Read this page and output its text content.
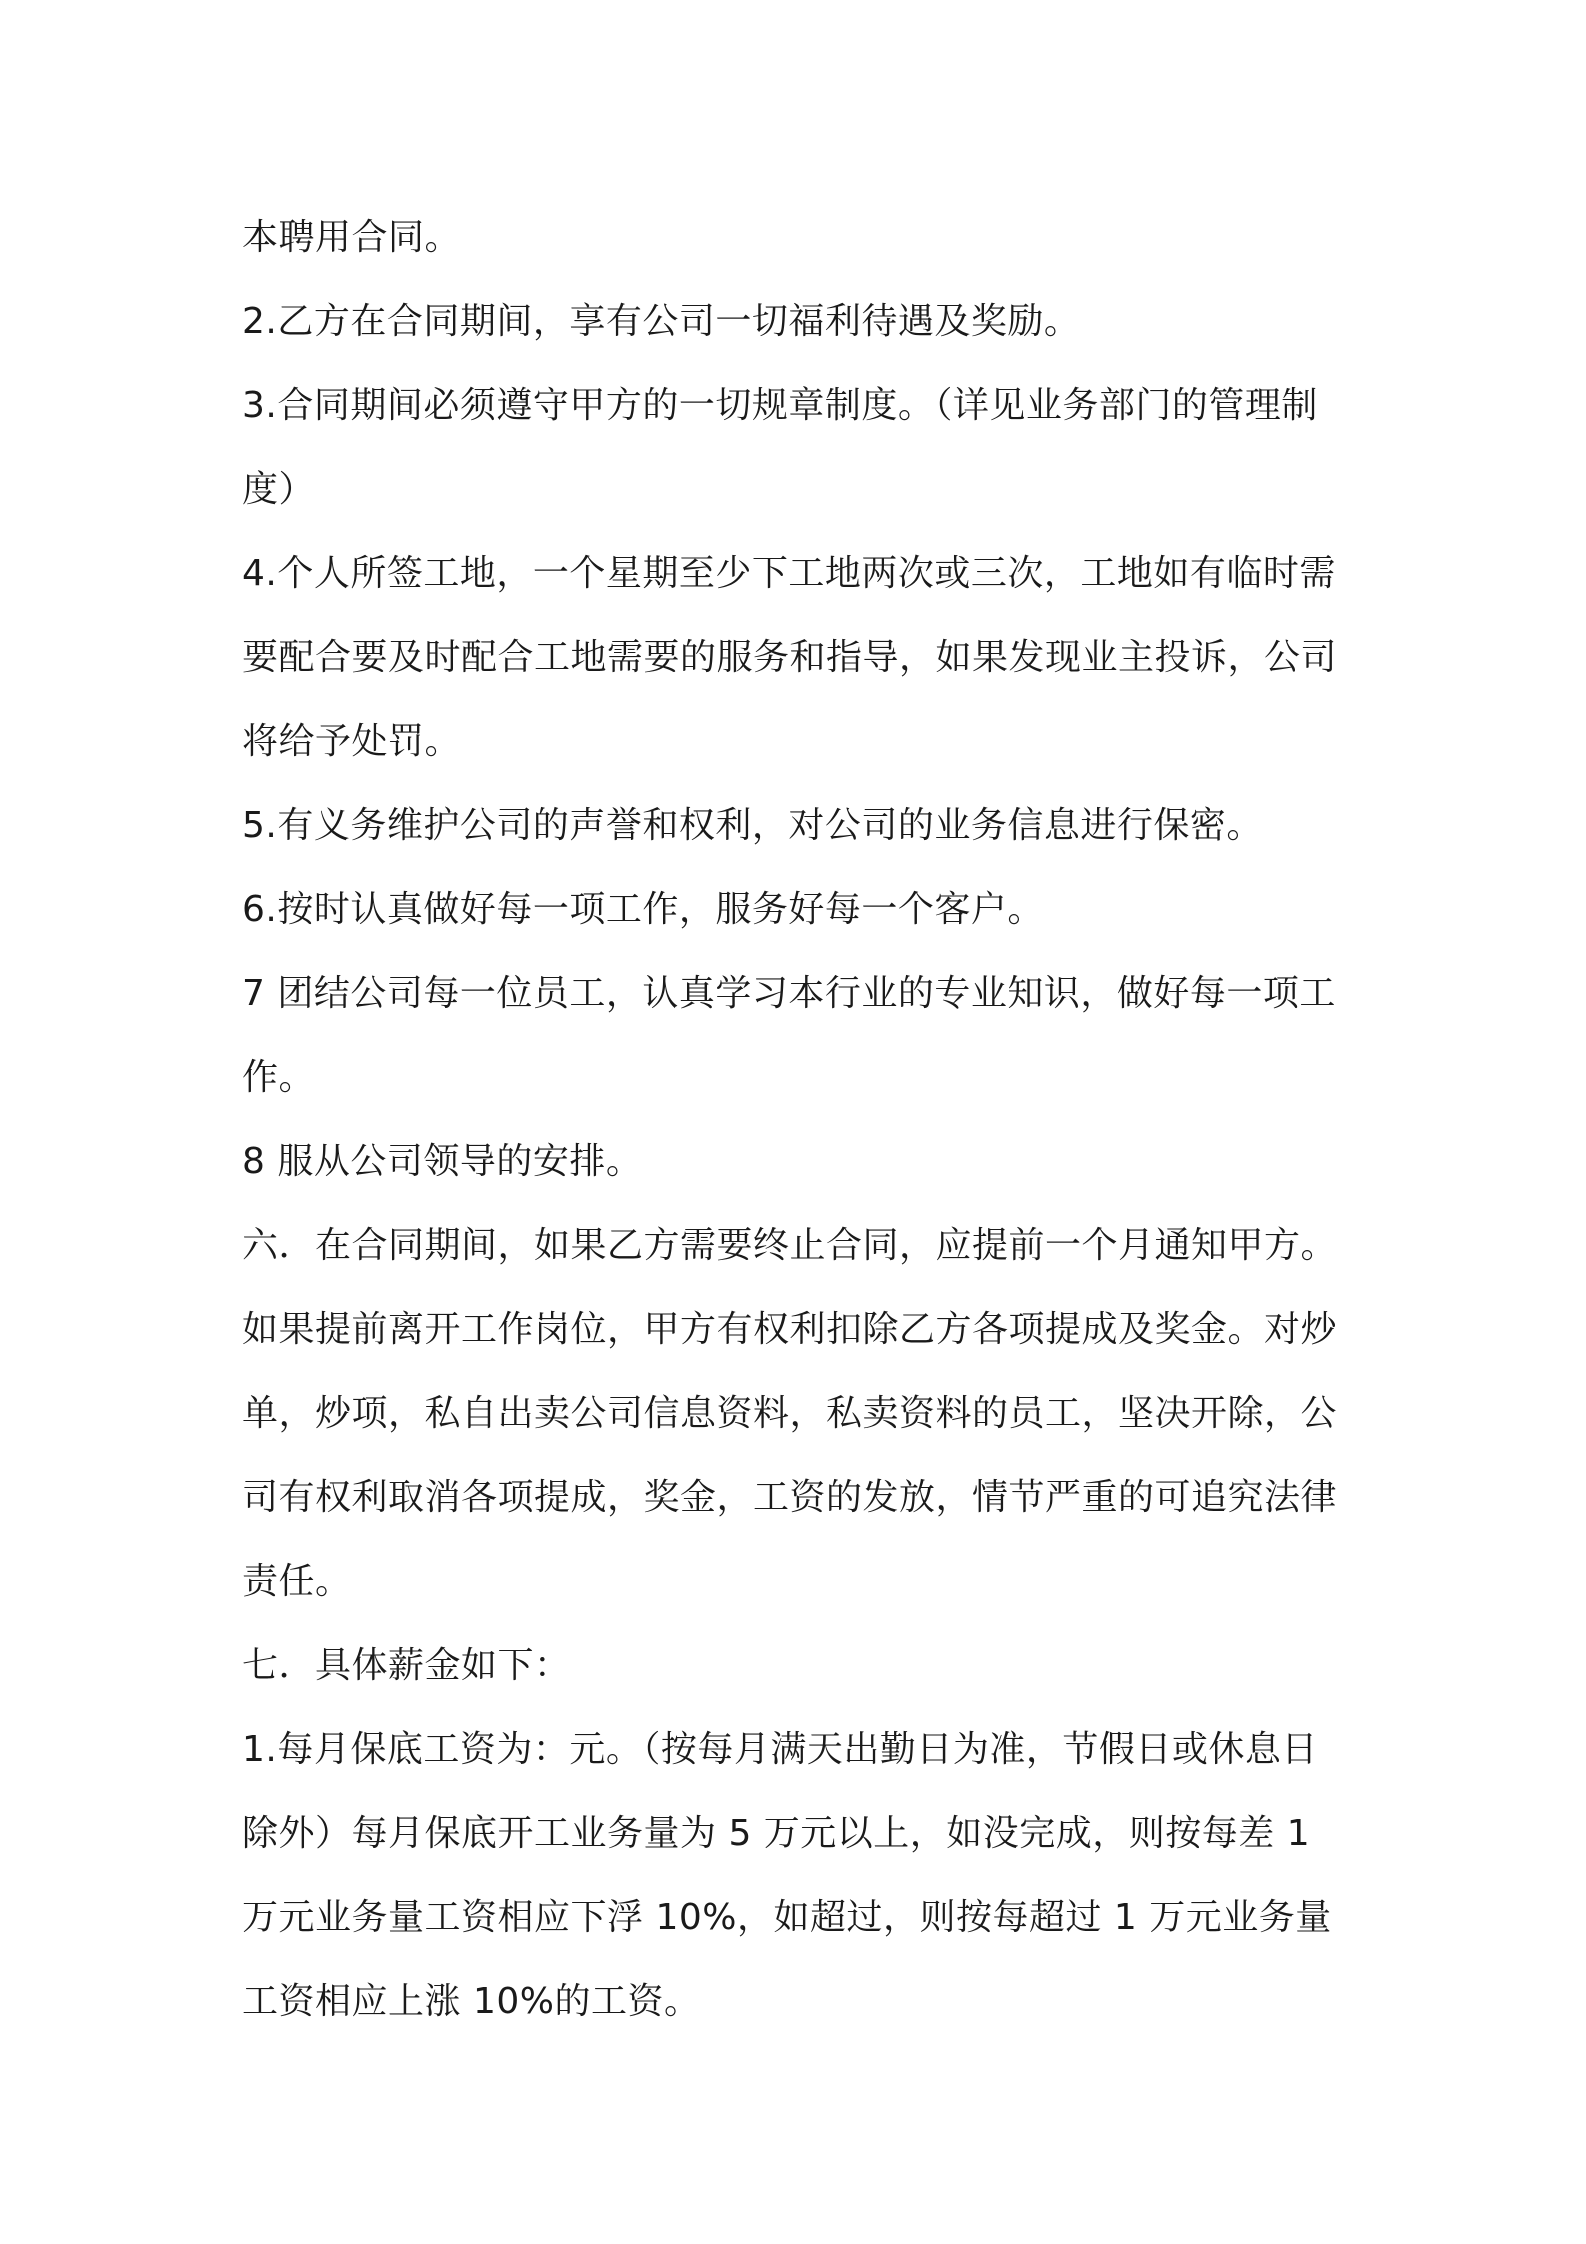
本聘用合同。
2.乙方在合同期间，享有公司一切福利待遇及奖励。
3.合同期间必须遵守甲方的一切规章制度。（详见业务部门的管理制
度）
4.个人所签工地，一个星期至少下工地两次或三次，工地如有临时需
要配合要及时配合工地需要的服务和指导，如果发现业主投诉，公司
将给予处罚。
5.有义务维护公司的声誉和权利，对公司的业务信息进行保密。
6.按时认真做好每一项工作，服务好每一个客户。
7 团结公司每一位员工，认真学习本行业的专业知识，做好每一项工
作。
8 服从公司领导的安排。
六．在合同期间，如果乙方需要终止合同，应提前一个月通知甲方。
如果提前离开工作岗位，甲方有权利扣除乙方各项提成及奖金。对炒
单，炒项，私自出卖公司信息资料，私卖资料的员工，坚决开除，公
司有权利取消各项提成，奖金，工资的发放，情节严重的可追究法律
责任。
七．具体薪金如下：
1.每月保底工资为：元。（按每月满天出勤日为准，节假日或休息日
除外）每月保底开工业务量为 5 万元以上，如没完成，则按每差 1
万元业务量工资相应下浮 10%，如超过，则按每超过 1 万元业务量
工资相应上涨 10%的工资。
